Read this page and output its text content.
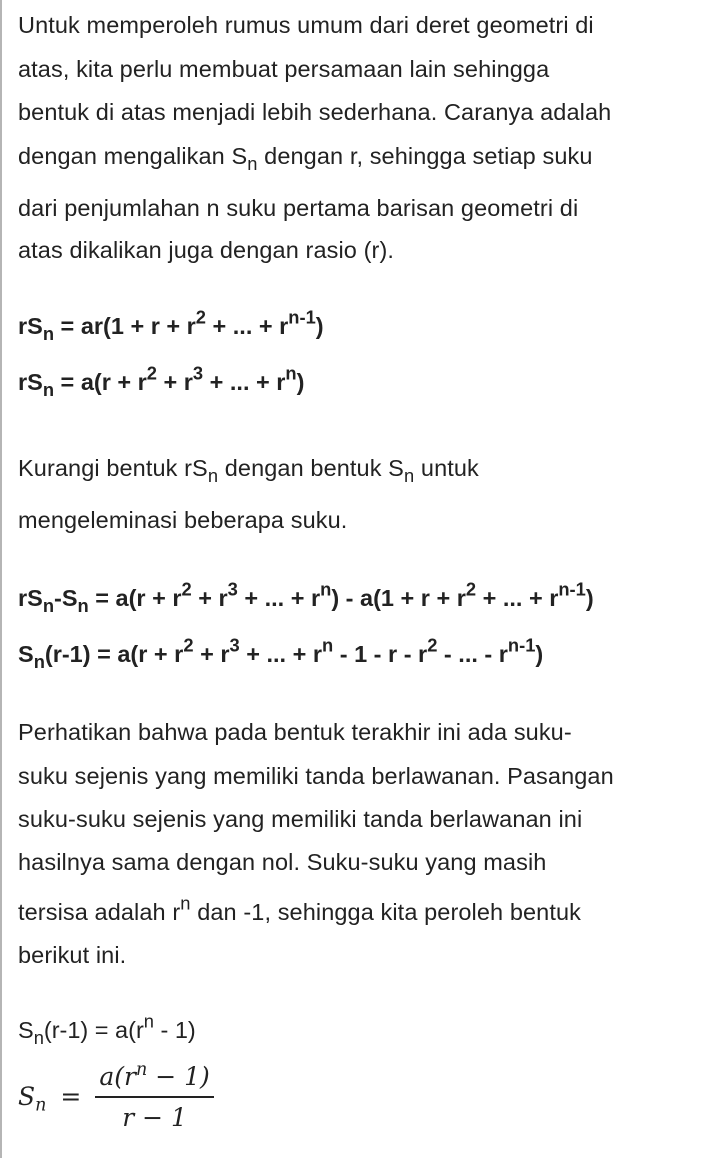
Untuk memperoleh rumus umum dari deret geometri di

atas, kita perlu membuat persamaan lain sehingga

bentuk di atas menjadi lebih sederhana. Caranya adalah

dengan mengalikan $S_n$ dengan r, sehingga setiap suku

dari penjumlahan n suku pertama barisan geometri di

atas dikalikan juga dengan rasio (r).

$rS_n = ar(1 + r + r^2$ + ... + $r^{n-1}$)

$rS_n = a(r + r^2 + r^3$ + ... + $r^n$)

Kurangi bentuk $rS_n$ dengan bentuk $S_n$ untuk

mengeleminasi beberapa suku.

$rS_n-S_n = a(r + r^2 + r^3$ + ... + $r^n) - a(1 + r + r^2$ + ... + $r^{n-1}$)

$S_n(r-1) = a(r + r^2 + r^3$ + ... + $r^n - 1$ - r - $r^2$ - ... - $r^{n-1}$)

Perhatikan bahwa pada bentuk terakhir ini ada suku-

suku sejenis yang memiliki tanda berlawanan. Pasangan

suku-suku sejenis yang memiliki tanda berlawanan ini

hasilnya sama dengan nol. Suku-suku yang masih

tersisa adalah $r^n$ dan -1, sehingga kita peroleh bentuk

berikut ini.

$S_n(r-1) = a(r^n - 1)$

$S_n = \frac{a(r^n - 1)}{r - 1}$
